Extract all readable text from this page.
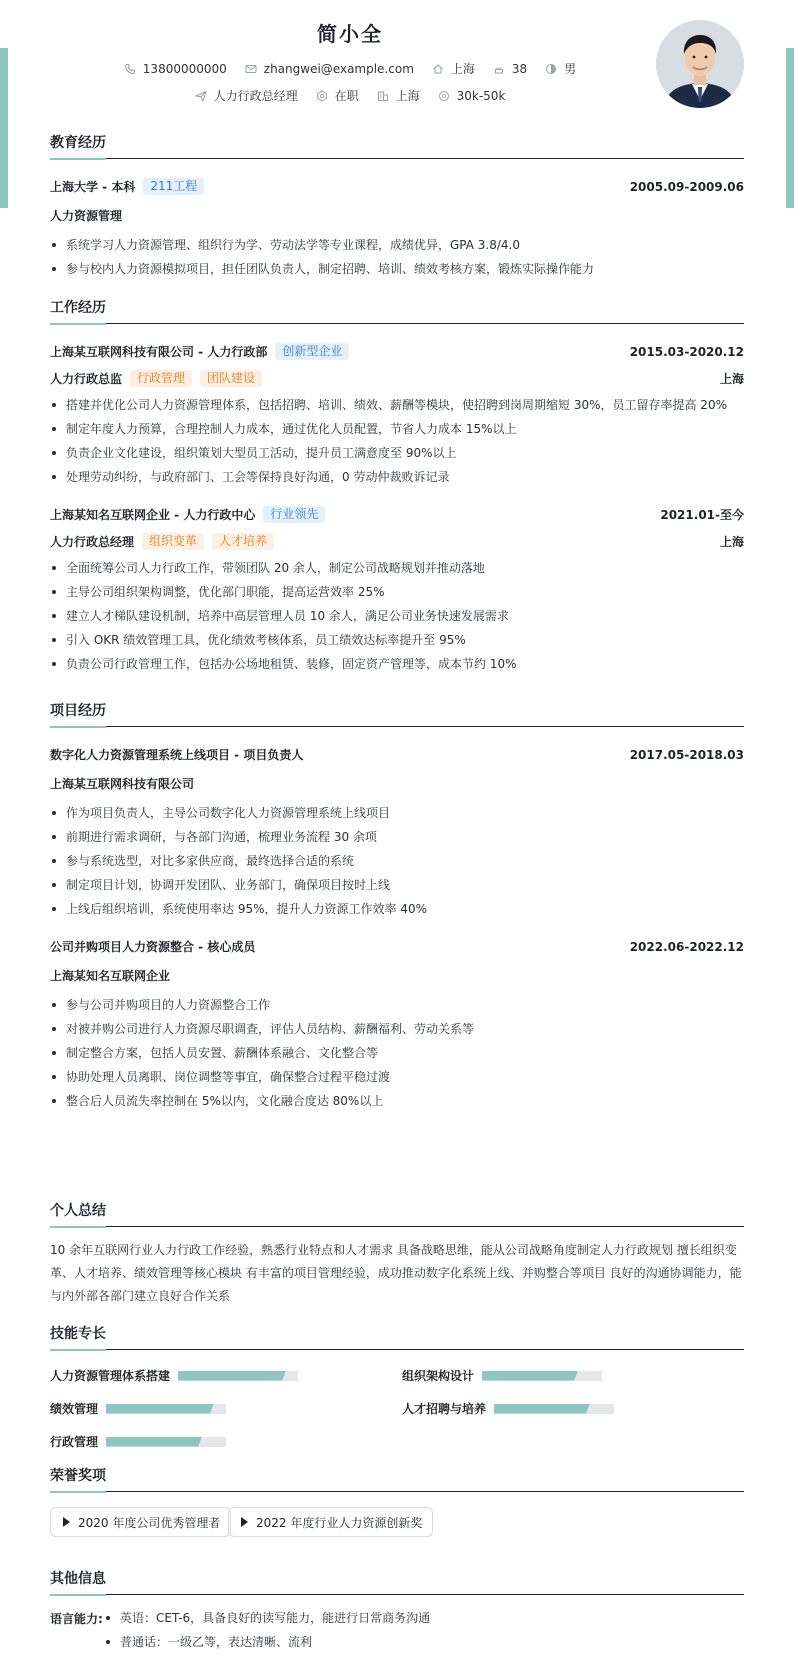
简小全
13800000000	zhangwei@example.com	上海	38	男
人力行政总经理	在职	上海	30k-50k
教育经历
上海大学 - 本科	211工程	2005.09-2009.06
人力资源管理
系统学习人力资源管理、组织行为学、劳动法学等专业课程，成绩优异，GPA 3.8/4.0
参与校内人力资源模拟项目，担任团队负责人，制定招聘、培训、绩效考核方案，锻炼实际操作能力
工作经历
上海某互联网科技有限公司 - 人力行政部	创新型企业	2015.03-2020.12
人力行政总监	行政管理	团队建设	上海
搭建并优化公司人力资源管理体系，包括招聘、培训、绩效、薪酬等模块，使招聘到岗周期缩短 30%，员工留存率提高 20%
制定年度人力预算，合理控制人力成本，通过优化人员配置，节省人力成本 15%以上
负责企业文化建设，组织策划大型员工活动，提升员工满意度至 90%以上
处理劳动纠纷，与政府部门、工会等保持良好沟通，0 劳动仲裁败诉记录
上海某知名互联网企业 - 人力行政中心	行业领先	2021.01-至今
人力行政总经理	组织变革	人才培养	上海
全面统筹公司人力行政工作，带领团队 20 余人，制定公司战略规划并推动落地
主导公司组织架构调整，优化部门职能，提高运营效率 25%
建立人才梯队建设机制，培养中高层管理人员 10 余人，满足公司业务快速发展需求
引入 OKR 绩效管理工具，优化绩效考核体系，员工绩效达标率提升至 95%
负责公司行政管理工作，包括办公场地租赁、装修，固定资产管理等，成本节约 10%
项目经历
数字化人力资源管理系统上线项目 - 项目负责人	2017.05-2018.03
上海某互联网科技有限公司
作为项目负责人，主导公司数字化人力资源管理系统上线项目
前期进行需求调研，与各部门沟通，梳理业务流程 30 余项
参与系统选型，对比多家供应商，最终选择合适的系统
制定项目计划，协调开发团队、业务部门，确保项目按时上线
上线后组织培训，系统使用率达 95%，提升人力资源工作效率 40%
公司并购项目人力资源整合 - 核心成员	2022.06-2022.12
上海某知名互联网企业
参与公司并购项目的人力资源整合工作
对被并购公司进行人力资源尽职调查，评估人员结构、薪酬福利、劳动关系等
制定整合方案，包括人员安置、薪酬体系融合、文化整合等
协助处理人员离职、岗位调整等事宜，确保整合过程平稳过渡
整合后人员流失率控制在 5%以内，文化融合度达 80%以上
个人总结
10 余年互联网行业人力行政工作经验，熟悉行业特点和人才需求 具备战略思维，能从公司战略角度制定人力行政规划 擅长组织变革、人才培养、绩效管理等核心模块 有丰富的项目管理经验，成功推动数字化系统上线、并购整合等项目 良好的沟通协调能力，能与内外部各部门建立良好合作关系
技能专长
人力资源管理体系搭建	组织架构设计
绩效管理	人才招聘与培养
行政管理
荣誉奖项
2020 年度公司优秀管理者	2022 年度行业人力资源创新奖
其他信息
语言能力:	英语：CET-6，具备良好的读写能力，能进行日常商务沟通
普通话：一级乙等，表达清晰、流利
